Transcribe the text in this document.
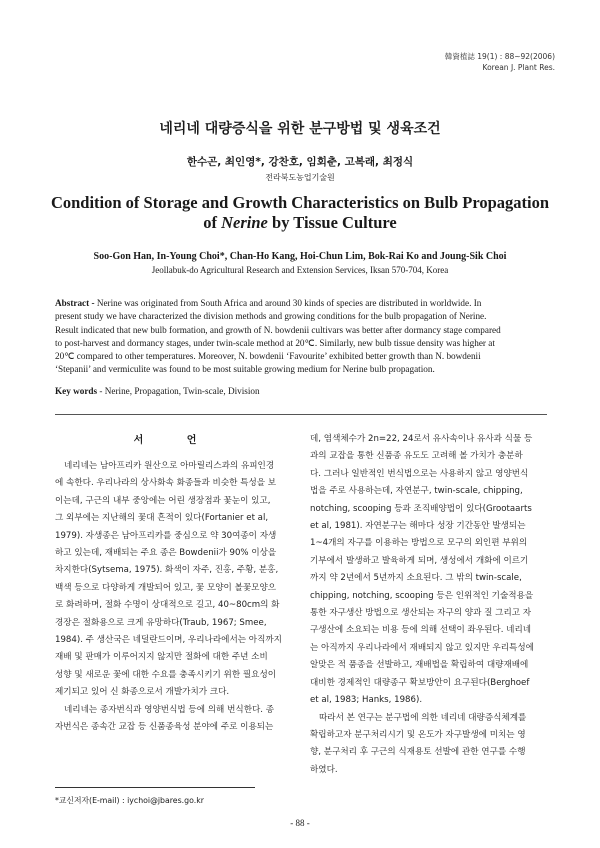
韓資植誌 19(1) : 88~92(2006)
Korean J. Plant Res.
네리네 대량증식을 위한 분구방법 및 생육조건
한수곤, 최인영*, 강찬호, 임회춘, 고복래, 최정식
전라북도농업기술원
Condition of Storage and Growth Characteristics on Bulb Propagation
of Nerine by Tissue Culture
Soo-Gon Han, In-Young Choi*, Chan-Ho Kang, Hoi-Chun Lim, Bok-Rai Ko and Joung-Sik Choi
Jeollabuk-do Agricultural Research and Extension Services, Iksan 570-704, Korea
Abstract - Nerine was originated from South Africa and around 30 kinds of species are distributed in worldwide. In
present study we have characterized the division methods and growing conditions for the bulb propagation of Nerine.
Result indicated that new bulb formation, and growth of N. bowdenii cultivars was better after dormancy stage compared
to post-harvest and dormancy stages, under twin-scale method at 20℃. Similarly, new bulb tissue density was higher at
20℃ compared to other temperatures. Moreover, N. bowdenii ‘Favourite’ exhibited better growth than N. bowdenii
‘Stepanii’ and vermiculite was found to be most suitable growing medium for Nerine bulb propagation.
Key words - Nerine, Propagation, Twin-scale, Division
서 언
네리네는 남아프리카 원산으로 아마릴리스과의 유피인경
에 속한다. 우리나라의 상사화속 화종들과 비슷한 특성을 보
이는데, 구근의 내부 중앙에는 어린 생장점과 꽃눈이 있고,
그 외부에는 지난해의 꽃대 흔적이 있다(Fortanier et al,
1979). 자생종은 남아프리카를 중심으로 약 30여종이 자생
하고 있는데, 재배되는 주요 종은 Bowdenii가 90% 이상을
차지한다(Sytsema, 1975). 화색이 자주, 진홍, 주황, 분홍,
백색 등으로 다양하게 개발되어 있고, 꽃 모양이 볼꽃모양으
로 화려하며, 절화 수명이 상대적으로 길고, 40~80cm의 화
경장은 절화용으로 크게 유망하다(Traub, 1967; Smee,
1984). 주 생산국은 네덜란드이며, 우리나라에서는 아직까지
재배 및 판매가 이루어지지 않지만 절화에 대한 주년 소비
성향 및 새로운 꽃에 대한 수요를 충족시키기 위한 필요성이
제기되고 있어 신 화종으로서 개발가치가 크다.
네리네는 종자번식과 영양번식법 등에 의해 번식한다. 종
자번식은 종속간 교잡 등 신품종육성 분야에 주로 이용되는
데, 염색체수가 2n=22, 24로서 유사속이나 유사과 식물 등
과의 교잡을 통한 신품종 유도도 고려해 볼 가치가 충분하
다. 그러나 일반적인 번식법으로는 사용하지 않고 영양번식
법을 주로 사용하는데, 자연분구, twin-scale, chipping,
notching, scooping 등과 조직배양법이 있다(Grootaarts
et al, 1981). 자연분구는 해마다 성장 기간동안 발생되는
1~4개의 자구를 이용하는 방법으로 모구의 외인편 부위의
기부에서 발생하고 발육하게 되며, 생성에서 개화에 이르기
까지 약 2년에서 5년까지 소요된다. 그 밖의 twin-scale,
chipping, notching, scooping 등은 인위적인 기술적용을
통한 자구생산 방법으로 생산되는 자구의 양과 질 그리고 자
구생산에 소요되는 비용 등에 의해 선택이 좌우된다. 네리네
는 아직까지 우리나라에서 재배되지 않고 있지만 우리특성에
알맞은 적 품종을 선발하고, 재배법을 확립하여 대량재배에
대비한 경제적인 대량종구 확보방안이 요구된다(Berghoef
et al, 1983; Hanks, 1986).
따라서 본 연구는 분구법에 의한 네리네 대량증식체계를
확립하고자 분구처리시기 및 온도가 자구발생에 미치는 영
향, 분구처리 후 구근의 식재용토 선발에 관한 연구를 수행
하였다.
*교신저자(E-mail) : iychoi@jbares.go.kr
- 88 -
